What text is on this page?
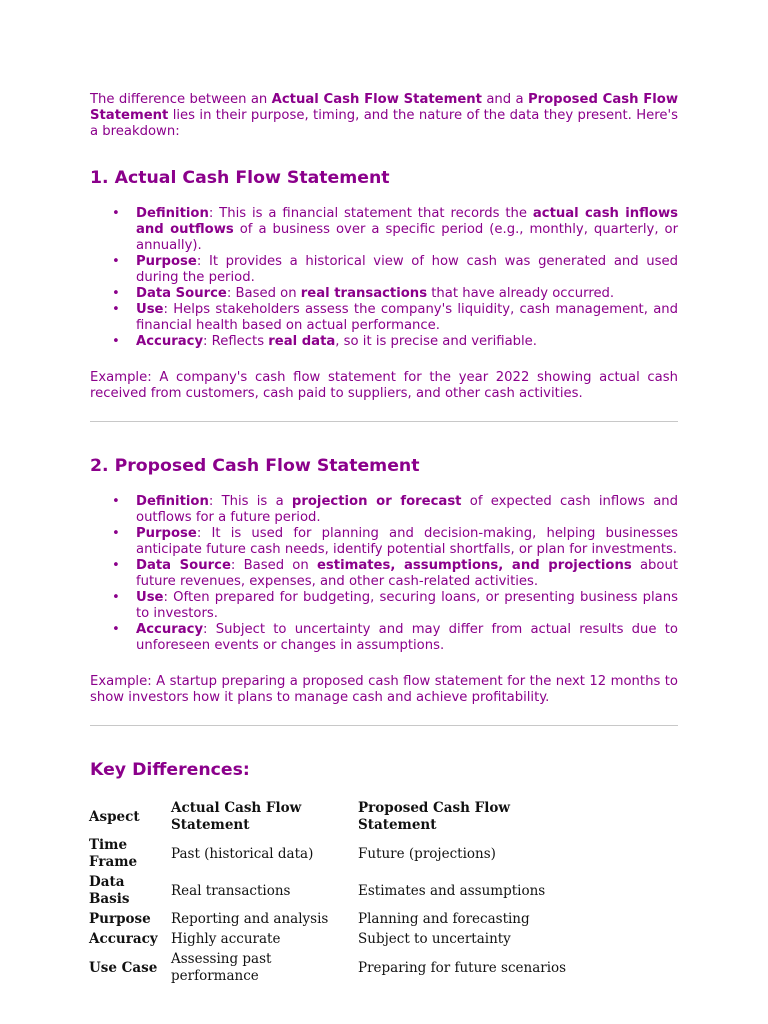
The difference between an Actual Cash Flow Statement and a Proposed Cash Flow Statement lies in their purpose, timing, and the nature of the data they present. Here's a breakdown:

1. Actual Cash Flow Statement
• Definition: This is a financial statement that records the actual cash inflows and outflows of a business over a specific period (e.g., monthly, quarterly, or annually).
• Purpose: It provides a historical view of how cash was generated and used during the period.
• Data Source: Based on real transactions that have already occurred.
• Use: Helps stakeholders assess the company's liquidity, cash management, and financial health based on actual performance.
• Accuracy: Reflects real data, so it is precise and verifiable.

Example: A company's cash flow statement for the year 2022 showing actual cash received from customers, cash paid to suppliers, and other cash activities.

2. Proposed Cash Flow Statement
• Definition: This is a projection or forecast of expected cash inflows and outflows for a future period.
• Purpose: It is used for planning and decision-making, helping businesses anticipate future cash needs, identify potential shortfalls, or plan for investments.
• Data Source: Based on estimates, assumptions, and projections about future revenues, expenses, and other cash-related activities.
• Use: Often prepared for budgeting, securing loans, or presenting business plans to investors.
• Accuracy: Subject to uncertainty and may differ from actual results due to unforeseen events or changes in assumptions.

Example: A startup preparing a proposed cash flow statement for the next 12 months to show investors how it plans to manage cash and achieve profitability.

Key Differences:
Aspect	Actual Cash Flow Statement	Proposed Cash Flow Statement
Time Frame	Past (historical data)	Future (projections)
Data Basis	Real transactions	Estimates and assumptions
Purpose	Reporting and analysis	Planning and forecasting
Accuracy	Highly accurate	Subject to uncertainty
Use Case	Assessing past performance	Preparing for future scenarios
